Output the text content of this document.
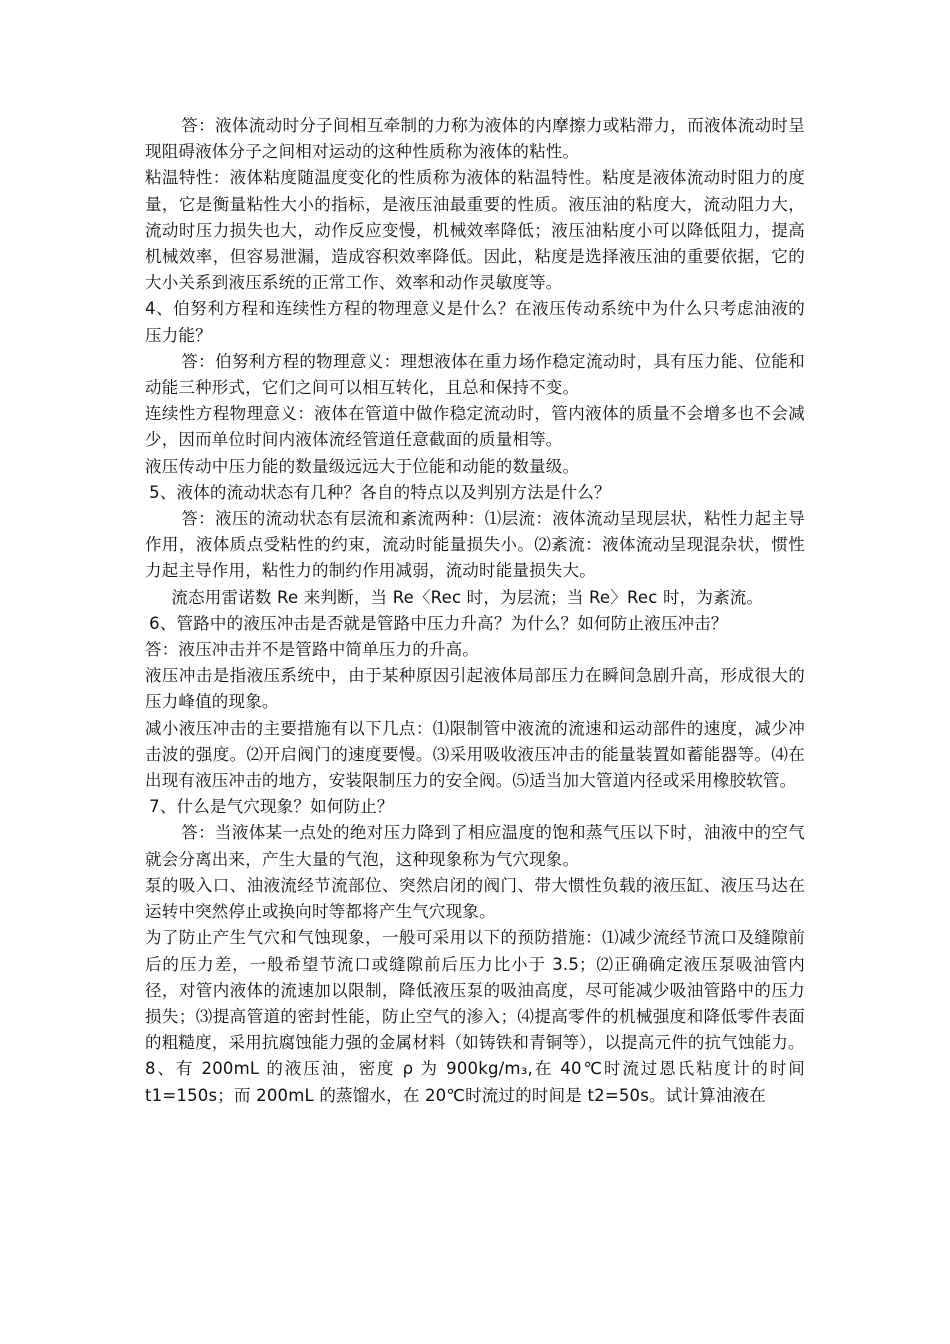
答：液体流动时分子间相互牵制的力称为液体的内摩擦力或粘滞力，而液体流动时呈现阻碍液体分子之间相对运动的这种性质称为液体的粘性。

粘温特性：液体粘度随温度变化的性质称为液体的粘温特性。粘度是液体流动时阻力的度量，它是衡量粘性大小的指标，是液压油最重要的性质。液压油的粘度大，流动阻力大，流动时压力损失也大，动作反应变慢，机械效率降低；液压油粘度小可以降低阻力，提高机械效率，但容易泄漏，造成容积效率降低。因此，粘度是选择液压油的重要依据，它的大小关系到液压系统的正常工作、效率和动作灵敏度等。

4、伯努利方程和连续性方程的物理意义是什么？在液压传动系统中为什么只考虑油液的压力能？

答：伯努利方程的物理意义：理想液体在重力场作稳定流动时，具有压力能、位能和动能三种形式，它们之间可以相互转化，且总和保持不变。

连续性方程物理意义：液体在管道中做作稳定流动时，管内液体的质量不会增多也不会减少，因而单位时间内液体流经管道任意截面的质量相等。

液压传动中压力能的数量级远远大于位能和动能的数量级。

5、液体的流动状态有几种？各自的特点以及判别方法是什么？

答：液压的流动状态有层流和紊流两种：⑴层流：液体流动呈现层状，粘性力起主导作用，液体质点受粘性的约束，流动时能量损失小。⑵紊流：液体流动呈现混杂状，惯性力起主导作用，粘性力的制约作用减弱，流动时能量损失大。

流态用雷诺数 Re 来判断，当 Re〈Rec 时，为层流；当 Re〉Rec 时，为紊流。

6、管路中的液压冲击是否就是管路中压力升高？为什么？如何防止液压冲击？

答：液压冲击并不是管路中简单压力的升高。

液压冲击是指液压系统中，由于某种原因引起液体局部压力在瞬间急剧升高，形成很大的压力峰值的现象。

减小液压冲击的主要措施有以下几点：⑴限制管中液流的流速和运动部件的速度，减少冲击波的强度。⑵开启阀门的速度要慢。⑶采用吸收液压冲击的能量装置如蓄能器等。⑷在出现有液压冲击的地方，安装限制压力的安全阀。⑸适当加大管道内径或采用橡胶软管。

7、什么是气穴现象？如何防止？

答：当液体某一点处的绝对压力降到了相应温度的饱和蒸气压以下时，油液中的空气就会分离出来，产生大量的气泡，这种现象称为气穴现象。

泵的吸入口、油液流经节流部位、突然启闭的阀门、带大惯性负载的液压缸、液压马达在运转中突然停止或换向时等都将产生气穴现象。

为了防止产生气穴和气蚀现象，一般可采用以下的预防措施：⑴减少流经节流口及缝隙前后的压力差，一般希望节流口或缝隙前后压力比小于 3.5；⑵正确确定液压泵吸油管内径，对管内液体的流速加以限制，降低液压泵的吸油高度，尽可能减少吸油管路中的压力损失；⑶提高管道的密封性能，防止空气的渗入；⑷提高零件的机械强度和降低零件表面的粗糙度，采用抗腐蚀能力强的金属材料（如铸铁和青铜等），以提高元件的抗气蚀能力。

8、有 200mL 的液压油，密度 ρ 为 900kg/m₃,在 40℃时流过恩氏粘度计的时间 t1=150s；而 200mL 的蒸馏水，在 20℃时流过的时间是 t2=50s。试计算油液在
